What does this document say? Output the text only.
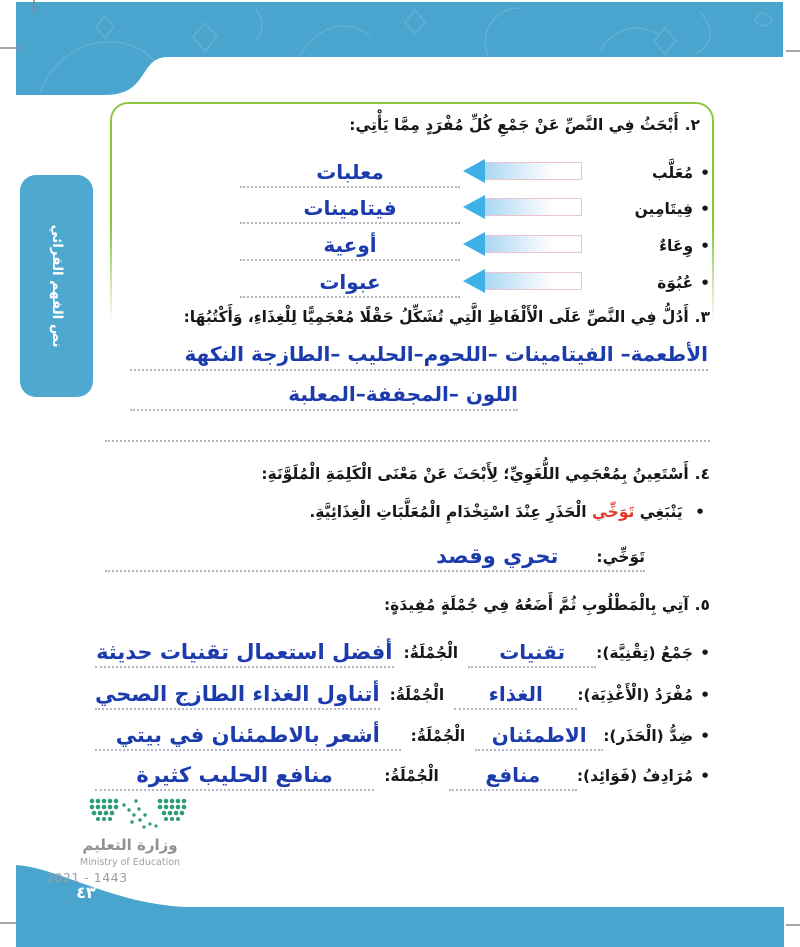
نص الفهم القرائي
٢.أَبْحَثُ فِي النَّصِّ عَنْ جَمْعِ كُلِّ مُفْرَدٍ مِمَّا يَأْتِي:
•مُعَلَّب
معلبات
•فِيتَامِين
فيتامينات
•وِعَاءٌ
أوعية
•عُبُوَة
عبوات
٣.أَدُلُّ فِي النَّصِّ عَلَى الْأَلْفَاظِ الَّتِي تُشَكِّلُ حَقْلًا مُعْجَمِيًّا لِلْغِذَاءِ، وَأَكْتُبُهَا:
الأطعمة– الفيتامينات –اللحوم–الحليب –الطازجة النكهة
اللون –المجففة–المعلبة
٤.أَسْتَعِينُ بِمُعْجَمِي اللُّغَوِيِّ؛ لِأَبْحَثَ عَنْ مَعْنَى الْكَلِمَةِ الْمُلَوَّنَةِ:
• يَنْبَغِي تَوَخِّي الْحَذَرِ عِنْدَ اسْتِخْدَامِ الْمُعَلَّبَاتِ الْغِذَائِيَّةِ.
تَوَخِّي:
تحري وقصد
٥.آتِي بِالْمَطْلُوبِ ثُمَّ أَضَعُهُ فِي جُمْلَةٍ مُفِيدَةٍ:
•جَمْعُ (تِقْنِيَّة):
تقنيات
الْجُمْلَةُ:
أفضل استعمال تقنيات حديثة
•مُفْرَدُ (الْأَغْذِيَة):
الغذاء
الْجُمْلَةُ:
أتناول الغذاء الطازج الصحي
•ضِدُّ (الْحَذَر):
الاطمئنان
الْجُمْلَةُ:
أشعر بالاطمئنان في بيتي
•مُرَادِفُ (فَوَائِد):
منافع
الْجُمْلَةُ:
منافع الحليب كثيرة
وزارة التعليم
Ministry of Education
2021 - 1443
٤٣
